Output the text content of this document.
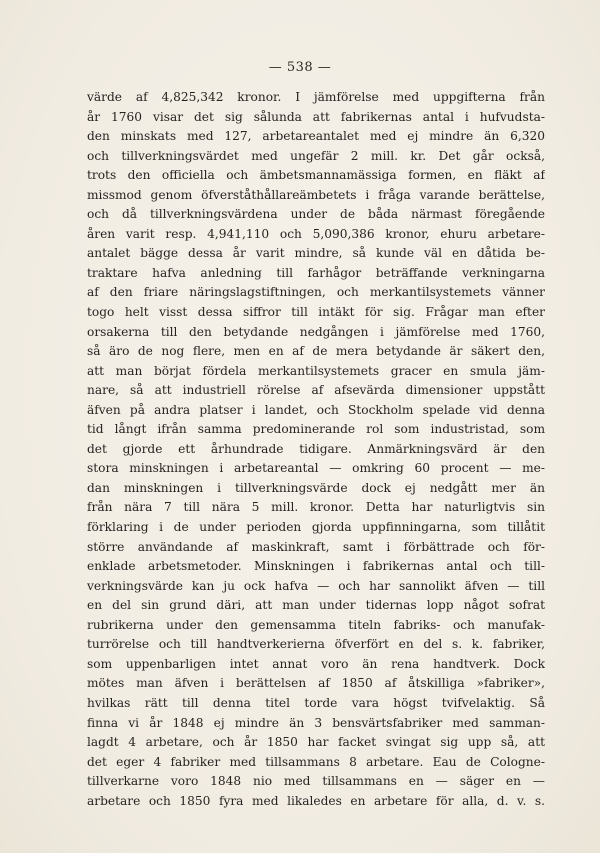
— 538 —
värde af 4,825,342 kronor. I jämförelse med uppgifterna från
år 1760 visar det sig sålunda att fabrikernas antal i hufvudsta-
den minskats med 127, arbetareantalet med ej mindre än 6,320
och tillverkningsvärdet med ungefär 2 mill. kr. Det går också,
trots den officiella och ämbetsmannamässiga formen, en fläkt af
missmod genom öfverståthållareämbetets i fråga varande berättelse,
och då tillverkningsvärdena under de båda närmast föregående
åren varit resp. 4,941,110 och 5,090,386 kronor, ehuru arbetare-
antalet bägge dessa år varit mindre, så kunde väl en dåtida be-
traktare hafva anledning till farhågor beträffande verkningarna
af den friare näringslagstiftningen, och merkantilsystemets vänner
togo helt visst dessa siffror till intäkt för sig. Frågar man efter
orsakerna till den betydande nedgången i jämförelse med 1760,
så äro de nog flere, men en af de mera betydande är säkert den,
att man börjat fördela merkantilsystemets gracer en smula jäm-
nare, så att industriell rörelse af afsevärda dimensioner uppstått
äfven på andra platser i landet, och Stockholm spelade vid denna
tid långt ifrån samma predominerande rol som industristad, som
det gjorde ett århundrade tidigare. Anmärkningsvärd är den
stora minskningen i arbetareantal — omkring 60 procent — me-
dan minskningen i tillverkningsvärde dock ej nedgått mer än
från nära 7 till nära 5 mill. kronor. Detta har naturligtvis sin
förklaring i de under perioden gjorda uppfinningarna, som tillåtit
större användande af maskinkraft, samt i förbättrade och för-
enklade arbetsmetoder. Minskningen i fabrikernas antal och till-
verkningsvärde kan ju ock hafva — och har sannolikt äfven — till
en del sin grund däri, att man under tidernas lopp något sofrat
rubrikerna under den gemensamma titeln fabriks- och manufak-
turrörelse och till handtverkerierna öfverfört en del s. k. fabriker,
som uppenbarligen intet annat voro än rena handtverk. Dock
mötes man äfven i berättelsen af 1850 af åtskilliga »fabriker»,
hvilkas rätt till denna titel torde vara högst tvifvelaktig. Så
finna vi år 1848 ej mindre än 3 bensvärtsfabriker med samman-
lagdt 4 arbetare, och år 1850 har facket svingat sig upp så, att
det eger 4 fabriker med tillsammans 8 arbetare. Eau de Cologne-
tillverkarne voro 1848 nio med tillsammans en — säger en —
arbetare och 1850 fyra med likaledes en arbetare för alla, d. v. s.
